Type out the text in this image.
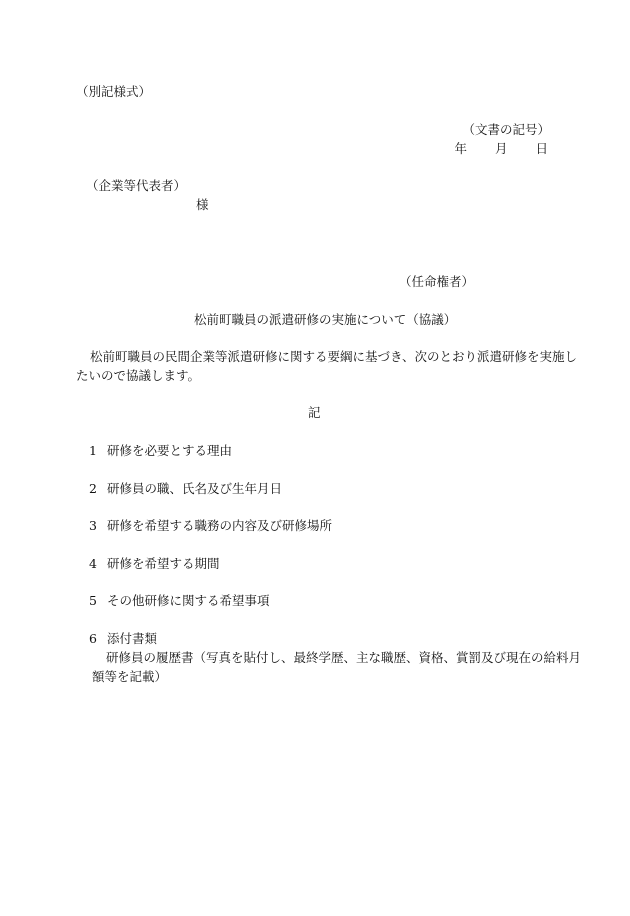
（別記様式）
（文書の記号）
年 月 日
（企業等代表者）
様
（任命権者）
松前町職員の派遣研修の実施について（協議）
松前町職員の民間企業等派遣研修に関する要綱に基づき、次のとおり派遣研修を実施し
たいので協議します。
記
1 研修を必要とする理由
2 研修員の職、氏名及び生年月日
3 研修を希望する職務の内容及び研修場所
4 研修を希望する期間
5 その他研修に関する希望事項
6 添付書類
研修員の履歴書（写真を貼付し、最終学歴、主な職歴、資格、賞罰及び現在の給料月
額等を記載）
